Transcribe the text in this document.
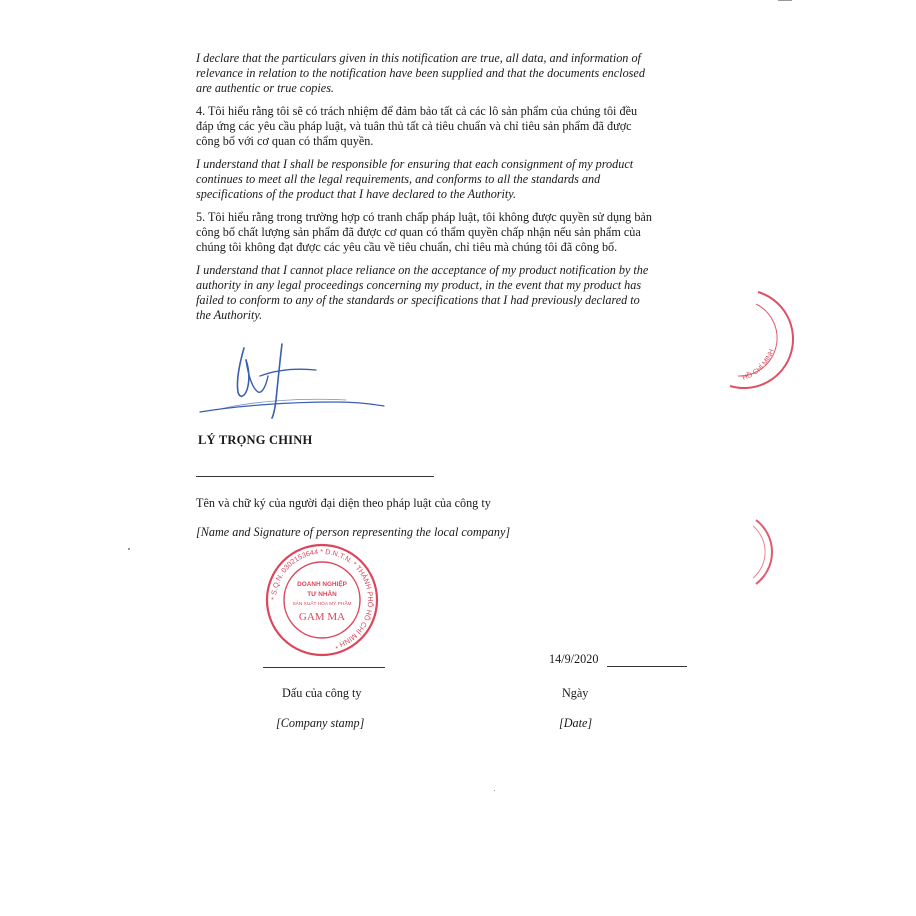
I declare that the particulars given in this notification are true, all data, and information of
relevance in relation to the notification have been supplied and that the documents enclosed
are authentic or true copies.

4. Tôi hiểu rằng tôi sẽ có trách nhiệm để đảm bảo tất cả các lô sản phẩm của chúng tôi đều
đáp ứng các yêu cầu pháp luật, và tuân thủ tất cả tiêu chuẩn và chỉ tiêu sản phẩm đã được
công bố với cơ quan có thẩm quyền.

I understand that I shall be responsible for ensuring that each consignment of my product
continues to meet all the legal requirements, and conforms to all the standards and
specifications of the product that I have declared to the Authority.

5. Tôi hiểu rằng trong trường hợp có tranh chấp pháp luật, tôi không được quyền sử dụng bản
công bố chất lượng sản phẩm đã được cơ quan có thẩm quyền chấp nhận nếu sản phẩm của
chúng tôi không đạt được các yêu cầu về tiêu chuẩn, chỉ tiêu mà chúng tôi đã công bố.

I understand that I cannot place reliance on the acceptance of my product notification by the
authority in any legal proceedings concerning my product, in the event that my product has
failed to conform to any of the standards or specifications that I had previously declared to
the Authority.

LÝ TRỌNG CHINH
Tên và chữ ký của người đại diện theo pháp luật của công ty
[Name and Signature of person representing the local company]
* S.Q.N. 0302153644 * D.N.T.N. * THÀNH PHỐ HỒ CHÍ MINH *
DOANH NGHIỆP
TƯ NHÂN
SẢN XUẤT HÓA MỸ PHẨM
GAM MA
HỒ CHÍ MINH
14/9/2020
Dấu của công ty	Ngày
[Company stamp]	[Date]
